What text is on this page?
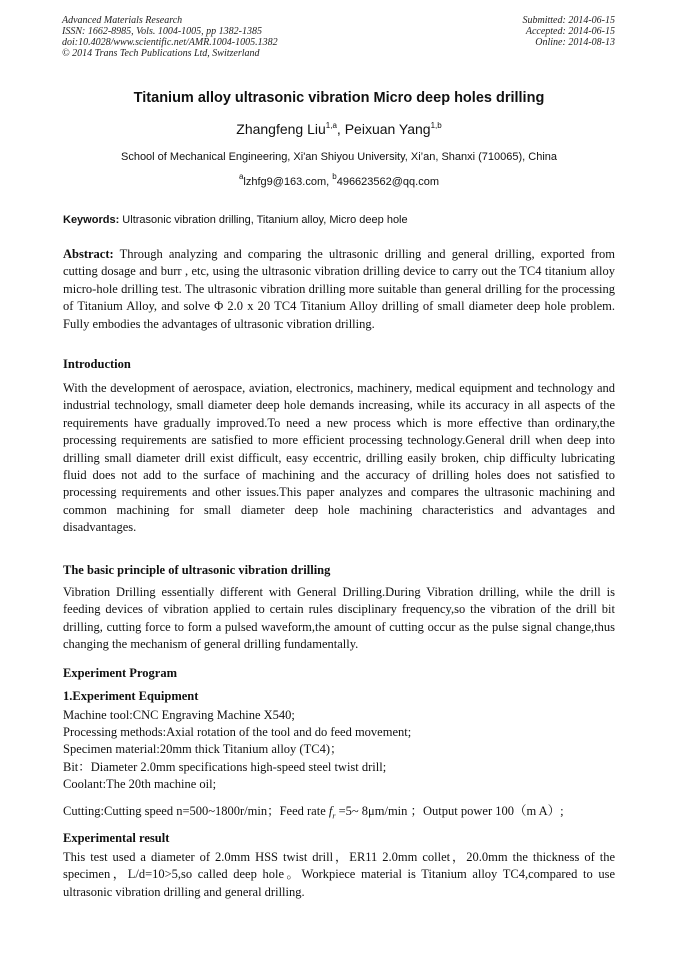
Advanced Materials Research
ISSN: 1662-8985, Vols. 1004-1005, pp 1382-1385
doi:10.4028/www.scientific.net/AMR.1004-1005.1382
© 2014 Trans Tech Publications Ltd, Switzerland
Submitted: 2014-06-15
Accepted: 2014-06-15
Online: 2014-08-13
Titanium alloy ultrasonic vibration Micro deep holes drilling
Zhangfeng Liu$^{1,a}$, Peixuan Yang$^{1,b}$
School of Mechanical Engineering, Xi'an Shiyou University, Xi’an, Shanxi (710065), China
$^a$lzhfg9@163.com, $^b$496623562@qq.com
Keywords: Ultrasonic vibration drilling, Titanium alloy, Micro deep hole
Abstract: Through analyzing and comparing the ultrasonic drilling and general drilling, exported from cutting dosage and burr , etc, using the ultrasonic vibration drilling device to carry out the TC4 titanium alloy micro-hole drilling test. The ultrasonic vibration drilling more suitable than general drilling for the processing of Titanium Alloy, and solve Φ 2.0 x 20 TC4 Titanium Alloy drilling of small diameter deep hole problem. Fully embodies the advantages of ultrasonic vibration drilling.
Introduction
With the development of aerospace, aviation, electronics, machinery, medical equipment and technology and industrial technology, small diameter deep hole demands increasing, while its accuracy in all aspects of the requirements have gradually improved.To need a new process which is more effective than ordinary,the processing requirements are satisfied to more efficient processing technology.General drill when deep into drilling small diameter drill exist difficult, easy eccentric, drilling easily broken, chip difficulty lubricating fluid does not add to the surface of machining and the accuracy of drilling holes does not satisfied to processing requirements and other issues.This paper analyzes and compares the ultrasonic machining and common machining for small diameter deep hole machining characteristics and advantages and disadvantages.
The basic principle of ultrasonic vibration drilling
Vibration Drilling essentially different with General Drilling.During Vibration drilling, while the drill is feeding devices of vibration applied to certain rules disciplinary frequency,so the vibration of the drill bit drilling, cutting force to form a pulsed waveform,the amount of cutting occur as the pulse signal change,thus changing the mechanism of general drilling fundamentally.
Experiment Program
1.Experiment Equipment
Machine tool:CNC Engraving Machine X540;
Processing methods:Axial rotation of the tool and do feed movement;
Specimen material:20mm thick Titanium alloy (TC4)；
Bit：Diameter 2.0mm specifications high-speed steel twist drill;
Coolant:The 20th machine oil;
Cutting:Cutting speed n=500~1800r/min；Feed rate $f_r$ =5~ 8μm/min ；Output power 100（m A）;
Experimental result
This test used a diameter of 2.0mm HSS twist drill，ER11 2.0mm collet，20.0mm the thickness of the specimen，L/d=10>5,so called deep hole。Workpiece material is Titanium alloy TC4,compared to use ultrasonic vibration drilling and general drilling.
